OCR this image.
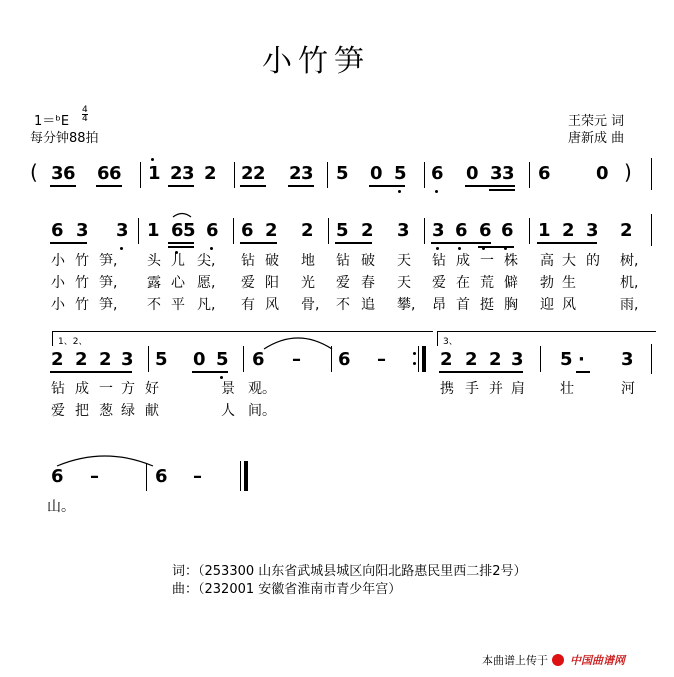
小竹笋
1＝ᵇE
4
4
每分钟88拍
王荣元 词
唐新成 曲
(	)
3 6 6 6 1 2 3 2 2 2 2 3 5 0 5 6 0 3 3 6	0
6 3 3 1 6 5 6 6 2 2 5 2 3 3 6 6 6 1 2 3 2
小 竹 笋, 头 儿 尖, 钻 破 地 钻 破 天 钻 成 一 株 高 大 的 树,
小 竹 笋, 露 心 愿, 爱 阳 光 爱 春 天 爱 在 荒 僻 勃 生	机,
小 竹 笋, 不 平 凡, 有 风 骨, 不 追 攀, 昂 首 挺 胸 迎 风	雨,
1、2、	3、
2 2 2 3 5 0 5 6 – 6 –	2 2 2 3 5 · 3
钻 成 一 方 好	景 观。	携 手 并 肩	壮	河
爱 把 葱 绿 献	人 间。
6 –	6 –
山。
词：（253300 山东省武城县城区向阳北路惠民里西二排2号）
曲：（232001 安徽省淮南市青少年宫）
本曲谱上传于 中国曲谱网
